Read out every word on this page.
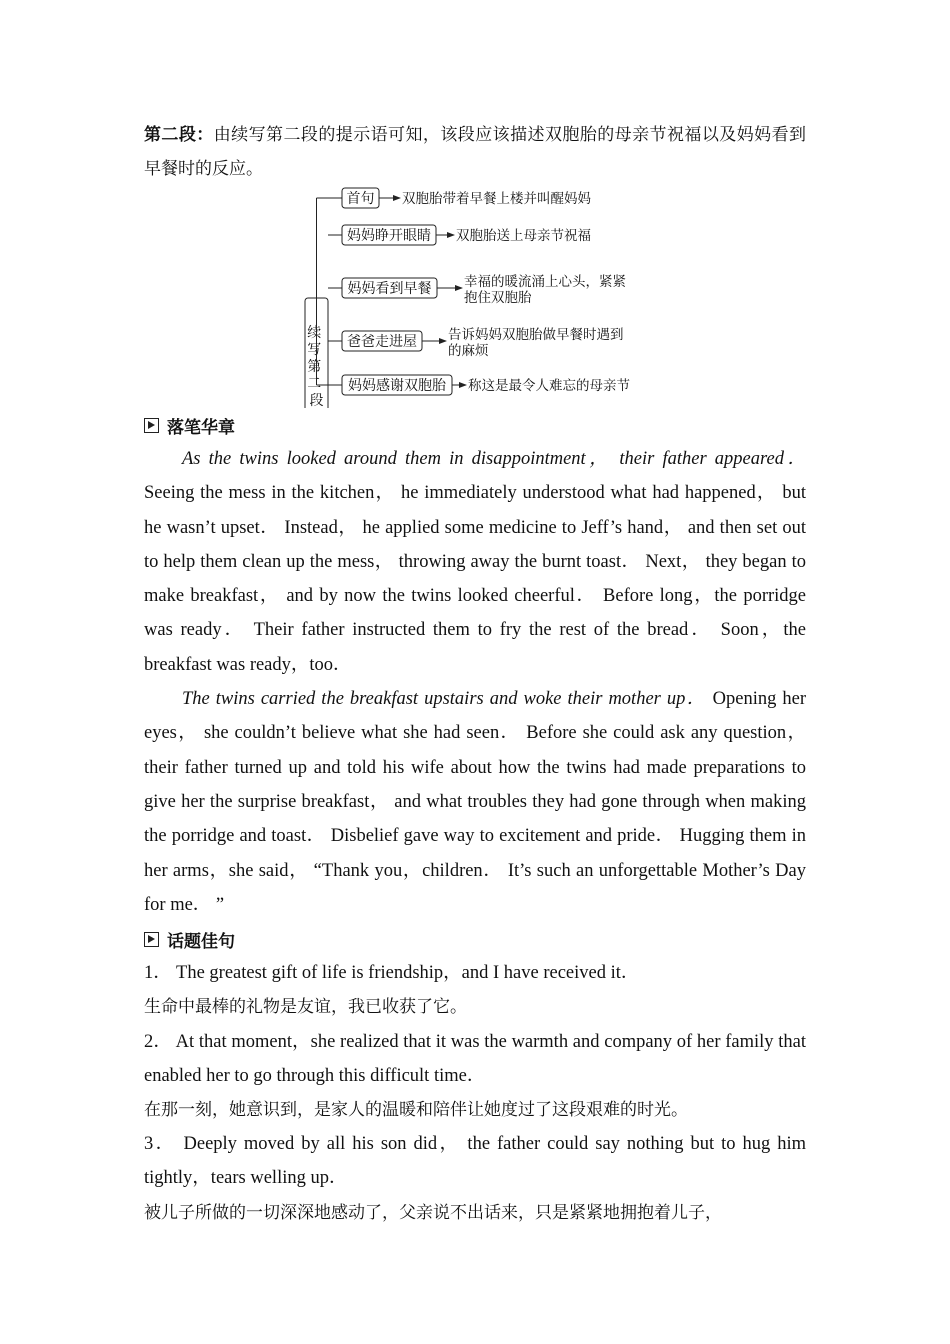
第二段：由续写第二段的提示语可知，该段应该描述双胞胎的母亲节祝福以及妈妈看到早餐时的反应。

续 写 第 二 段
首句 双胞胎带着早餐上楼并叫醒妈妈
妈妈睁开眼睛 双胞胎送上母亲节祝福
妈妈看到早餐 幸福的暖流涌上心头，紧紧
抱住双胞胎
爸爸走进屋 告诉妈妈双胞胎做早餐时遇到
的麻烦
妈妈感谢双胞胎 称这是最令人难忘的母亲节
落笔华章

As the twins looked around them in disappointment， their father appeared． Seeing the mess in the kitchen， he immediately understood what had happened， but he wasn’t upset． Instead， he applied some medicine to Jeff’s hand， and then set out to help them clean up the mess， throwing away the burnt toast． Next， they began to make breakfast， and by now the twins looked cheerful． Before long，the porridge was ready． Their father instructed them to fry the rest of the bread． Soon，the breakfast was ready，too．

The twins carried the breakfast upstairs and woke their mother up． Opening her eyes， she couldn’t believe what she had seen． Before she could ask any question， their father turned up and told his wife about how the twins had made preparations to give her the surprise breakfast， and what troubles they had gone through when making the porridge and toast． Disbelief gave way to excitement and pride． Hugging them in her arms，she said， “Thank you，children． It’s such an unforgettable Mother’s Day for me． ”

话题佳句

1． The greatest gift of life is friendship，and I have received it．

生命中最棒的礼物是友谊，我已收获了它。

2． At that moment，she realized that it was the warmth and company of her family that enabled her to go through this difficult time．

在那一刻，她意识到，是家人的温暖和陪伴让她度过了这段艰难的时光。

3． Deeply moved by all his son did， the father could say nothing but to hug him tightly，tears welling up．

被儿子所做的一切深深地感动了，父亲说不出话来，只是紧紧地拥抱着儿子，
